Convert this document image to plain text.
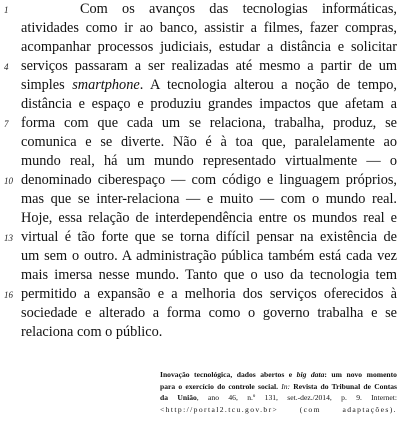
1
4
7
10
13
16
Com os avanços das tecnologias informáticas,
atividades como ir ao banco, assistir a filmes, fazer compras,
acompanhar processos judiciais, estudar a distância e solicitar
serviços passaram a ser realizadas até mesmo a partir de um
simples smartphone. A tecnologia alterou a noção de tempo,
distância e espaço e produziu grandes impactos que afetam a
forma com que cada um se relaciona, trabalha, produz, se
comunica e se diverte. Não é à toa que, paralelamente ao
mundo real, há um mundo representado virtualmente — o
denominado ciberespaço — com código e linguagem próprios,
mas que se inter-relaciona — e muito — com o mundo real.
Hoje, essa relação de interdependência entre os mundos real e
virtual é tão forte que se torna difícil pensar na existência de
um sem o outro. A administração pública também está cada vez
mais imersa nesse mundo. Tanto que o uso da tecnologia tem
permitido a expansão e a melhoria dos serviços oferecidos à
sociedade e alterado a forma como o governo trabalha e se
relaciona com o público.
Inovação tecnológica, dados abertos e big data: um novo momento
para o exercício do controle social. In: Revista do Tribunal de Contas
da União, ano 46, n.º 131, set.-dez./2014, p. 9. Internet:
<http://portal2.tcu.gov.br> (com adaptações).
